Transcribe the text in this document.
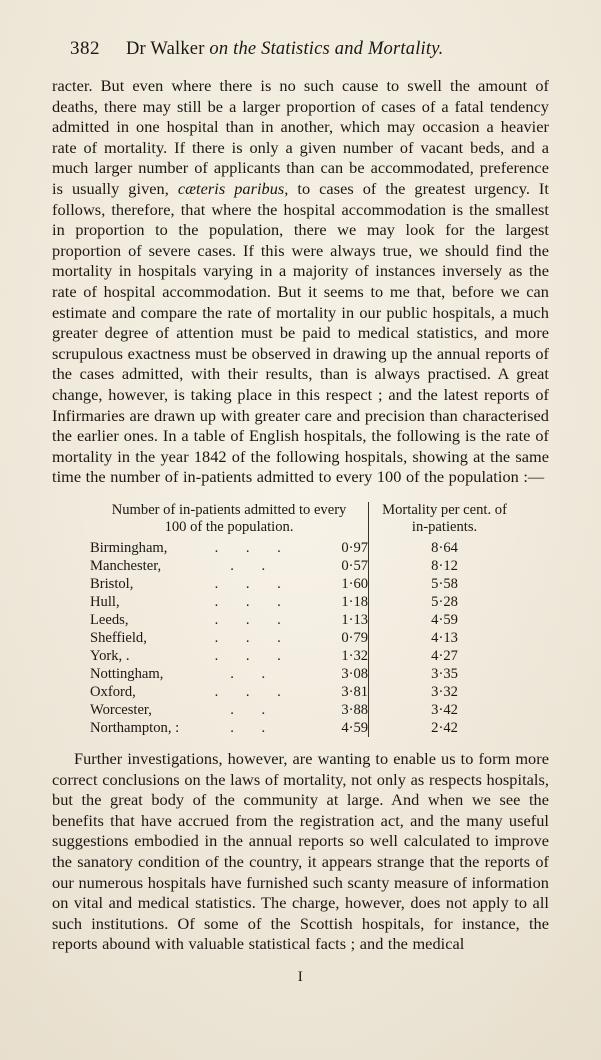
382 Dr Walker on the Statistics and Mortality.

racter. But even where there is no such cause to swell the amount of deaths, there may still be a larger proportion of cases of a fatal tendency admitted in one hospital than in another, which may occasion a heavier rate of mortality. If there is only a given number of vacant beds, and a much larger number of applicants than can be accommodated, preference is usually given, cæteris paribus, to cases of the greatest urgency. It follows, therefore, that where the hospital accommodation is the smallest in proportion to the population, there we may look for the largest proportion of severe cases. If this were always true, we should find the mortality in hospitals varying in a majority of instances inversely as the rate of hospital accommodation. But it seems to me that, before we can estimate and compare the rate of mortality in our public hospitals, a much greater degree of attention must be paid to medical statistics, and more scrupulous exactness must be observed in drawing up the annual reports of the cases admitted, with their results, than is always practised. A great change, however, is taking place in this respect ; and the latest reports of Infirmaries are drawn up with greater care and precision than characterised the earlier ones. In a table of English hospitals, the following is the rate of mortality in the year 1842 of the following hospitals, showing at the same time the number of in-patients admitted to every 100 of the population :—

Number of in-patients admitted to every
100 of the population.

Mortality per cent. of
in-patients.

Birmingham,	. . .	0·97	8·64
Manchester,	. .	0·57	8·12
Bristol,	. . .	1·60	5·58
Hull,	. . .	1·18	5·28
Leeds,	. . .	1·13	4·59
Sheffield,	. . .	0·79	4·13
York, .	. . .	1·32	4·27
Nottingham,	. .	3·08	3·35
Oxford,	. . .	3·81	3·32
Worcester,	. .	3·88	3·42
Northampton, :	. .	4·59	2·42

Further investigations, however, are wanting to enable us to form more correct conclusions on the laws of mortality, not only as respects hospitals, but the great body of the community at large. And when we see the benefits that have accrued from the registration act, and the many useful suggestions embodied in the annual reports so well calculated to improve the sanatory condition of the country, it appears strange that the reports of our numerous hospitals have furnished such scanty measure of information on vital and medical statistics. The charge, however, does not apply to all such institutions. Of some of the Scottish hospitals, for instance, the reports abound with valuable statistical facts ; and the medical

I
